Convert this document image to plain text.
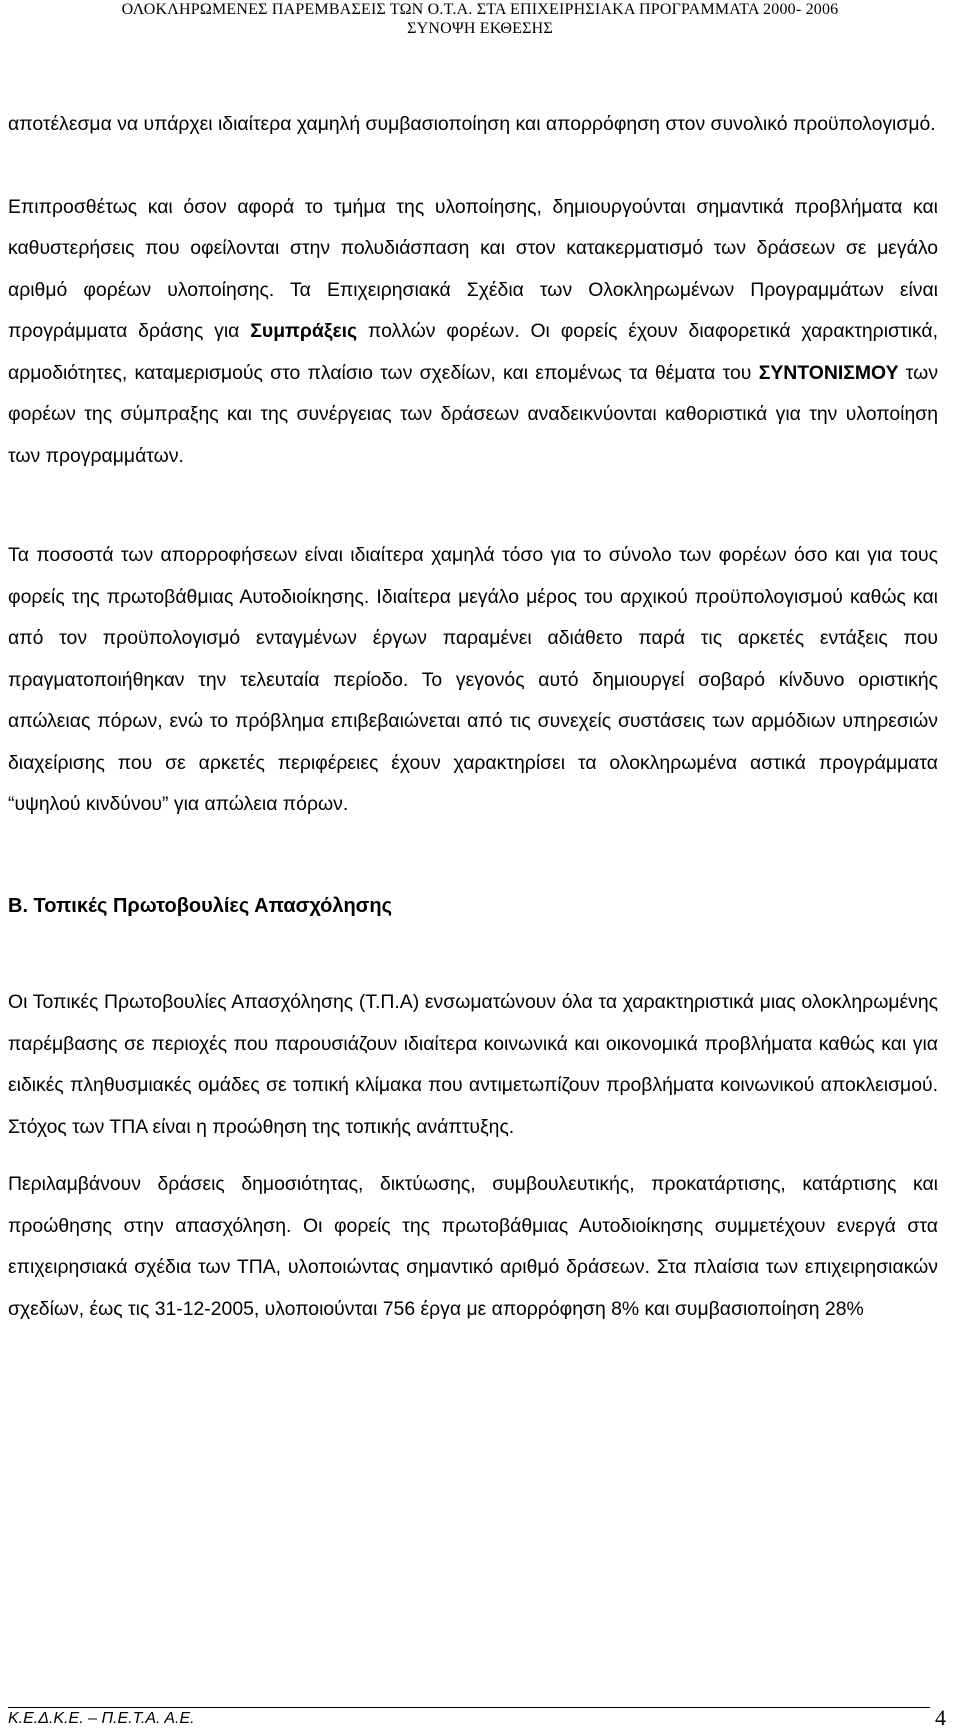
ΟΛΟΚΛΗΡΩΜΕΝΕΣ ΠΑΡΕΜΒΑΣΕΙΣ ΤΩΝ Ο.Τ.Α. ΣΤΑ ΕΠΙΧΕΙΡΗΣΙΑΚΑ ΠΡΟΓΡΑΜΜΑΤΑ 2000- 2006
ΣΥΝΟΨΗ ΕΚΘΕΣΗΣ

αποτέλεσμα να υπάρχει ιδιαίτερα χαμηλή συμβασιοποίηση και απορρόφηση στον συνολικό προϋπολογισμό.

Επιπροσθέτως και όσον αφορά το τμήμα της υλοποίησης, δημιουργούνται σημαντικά προβλήματα και καθυστερήσεις που οφείλονται στην πολυδιάσπαση και στον κατακερματισμό των δράσεων σε μεγάλο αριθμό φορέων υλοποίησης. Τα Επιχειρησιακά Σχέδια των Ολοκληρωμένων Προγραμμάτων είναι προγράμματα δράσης για Συμπράξεις πολλών φορέων. Οι φορείς έχουν διαφορετικά χαρακτηριστικά, αρμοδιότητες, καταμερισμούς στο πλαίσιο των σχεδίων, και επομένως τα θέματα του ΣΥΝΤΟΝΙΣΜΟΥ των φορέων της σύμπραξης και της συνέργειας των δράσεων αναδεικνύονται καθοριστικά για την υλοποίηση των προγραμμάτων.

Τα ποσοστά των απορροφήσεων είναι ιδιαίτερα χαμηλά τόσο για το σύνολο των φορέων όσο και για τους φορείς της πρωτοβάθμιας Αυτοδιοίκησης. Ιδιαίτερα μεγάλο μέρος του αρχικού προϋπολογισμού καθώς και από τον προϋπολογισμό ενταγμένων έργων παραμένει αδιάθετο παρά τις αρκετές εντάξεις που πραγματοποιήθηκαν την τελευταία περίοδο. Το γεγονός αυτό δημιουργεί σοβαρό κίνδυνο οριστικής απώλειας πόρων, ενώ το πρόβλημα επιβεβαιώνεται από τις συνεχείς συστάσεις των αρμόδιων υπηρεσιών διαχείρισης που σε αρκετές περιφέρειες έχουν χαρακτηρίσει τα ολοκληρωμένα αστικά προγράμματα “υψηλού κινδύνου” για απώλεια πόρων.

Β. Τοπικές Πρωτοβουλίες Απασχόλησης

Οι Τοπικές Πρωτοβουλίες Απασχόλησης (Τ.Π.Α) ενσωματώνουν όλα τα χαρακτηριστικά μιας ολοκληρωμένης παρέμβασης σε περιοχές που παρουσιάζουν ιδιαίτερα κοινωνικά και οικονομικά προβλήματα καθώς και για ειδικές πληθυσμιακές ομάδες σε τοπική κλίμακα που αντιμετωπίζουν προβλήματα κοινωνικού αποκλεισμού. Στόχος των ΤΠΑ είναι η προώθηση της τοπικής ανάπτυξης.

Περιλαμβάνουν δράσεις δημοσιότητας, δικτύωσης, συμβουλευτικής, προκατάρτισης, κατάρτισης και προώθησης στην απασχόληση. Οι φορείς της πρωτοβάθμιας Αυτοδιοίκησης συμμετέχουν ενεργά στα επιχειρησιακά σχέδια των ΤΠΑ, υλοποιώντας σημαντικό αριθμό δράσεων. Στα πλαίσια των επιχειρησιακών σχεδίων, έως τις 31-12-2005, υλοποιούνται 756 έργα με απορρόφηση 8% και συμβασιοποίηση 28%

Κ.Ε.Δ.Κ.Ε. – Π.Ε.Τ.Α. Α.Ε.	4
